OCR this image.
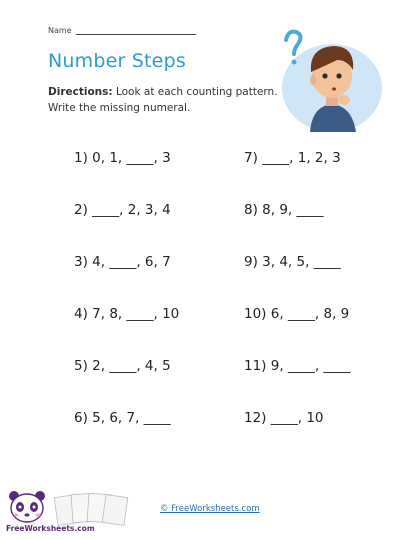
Name
Number Steps
Directions: Look at each counting pattern. Write the missing numeral.
1) 0, 1, ____, 3
2) ____, 2, 3, 4
3) 4, ____, 6, 7
4) 7, 8, ____, 10
5) 2, ____, 4, 5
6) 5, 6, 7, ____
7) ____, 1, 2, 3
8) 8, 9, ____
9) 3, 4, 5, ____
10) 6, ____, 8, 9
11) 9, ____, ____
12) ____, 10
FreeWorksheets.com
© FreeWorksheets.com
